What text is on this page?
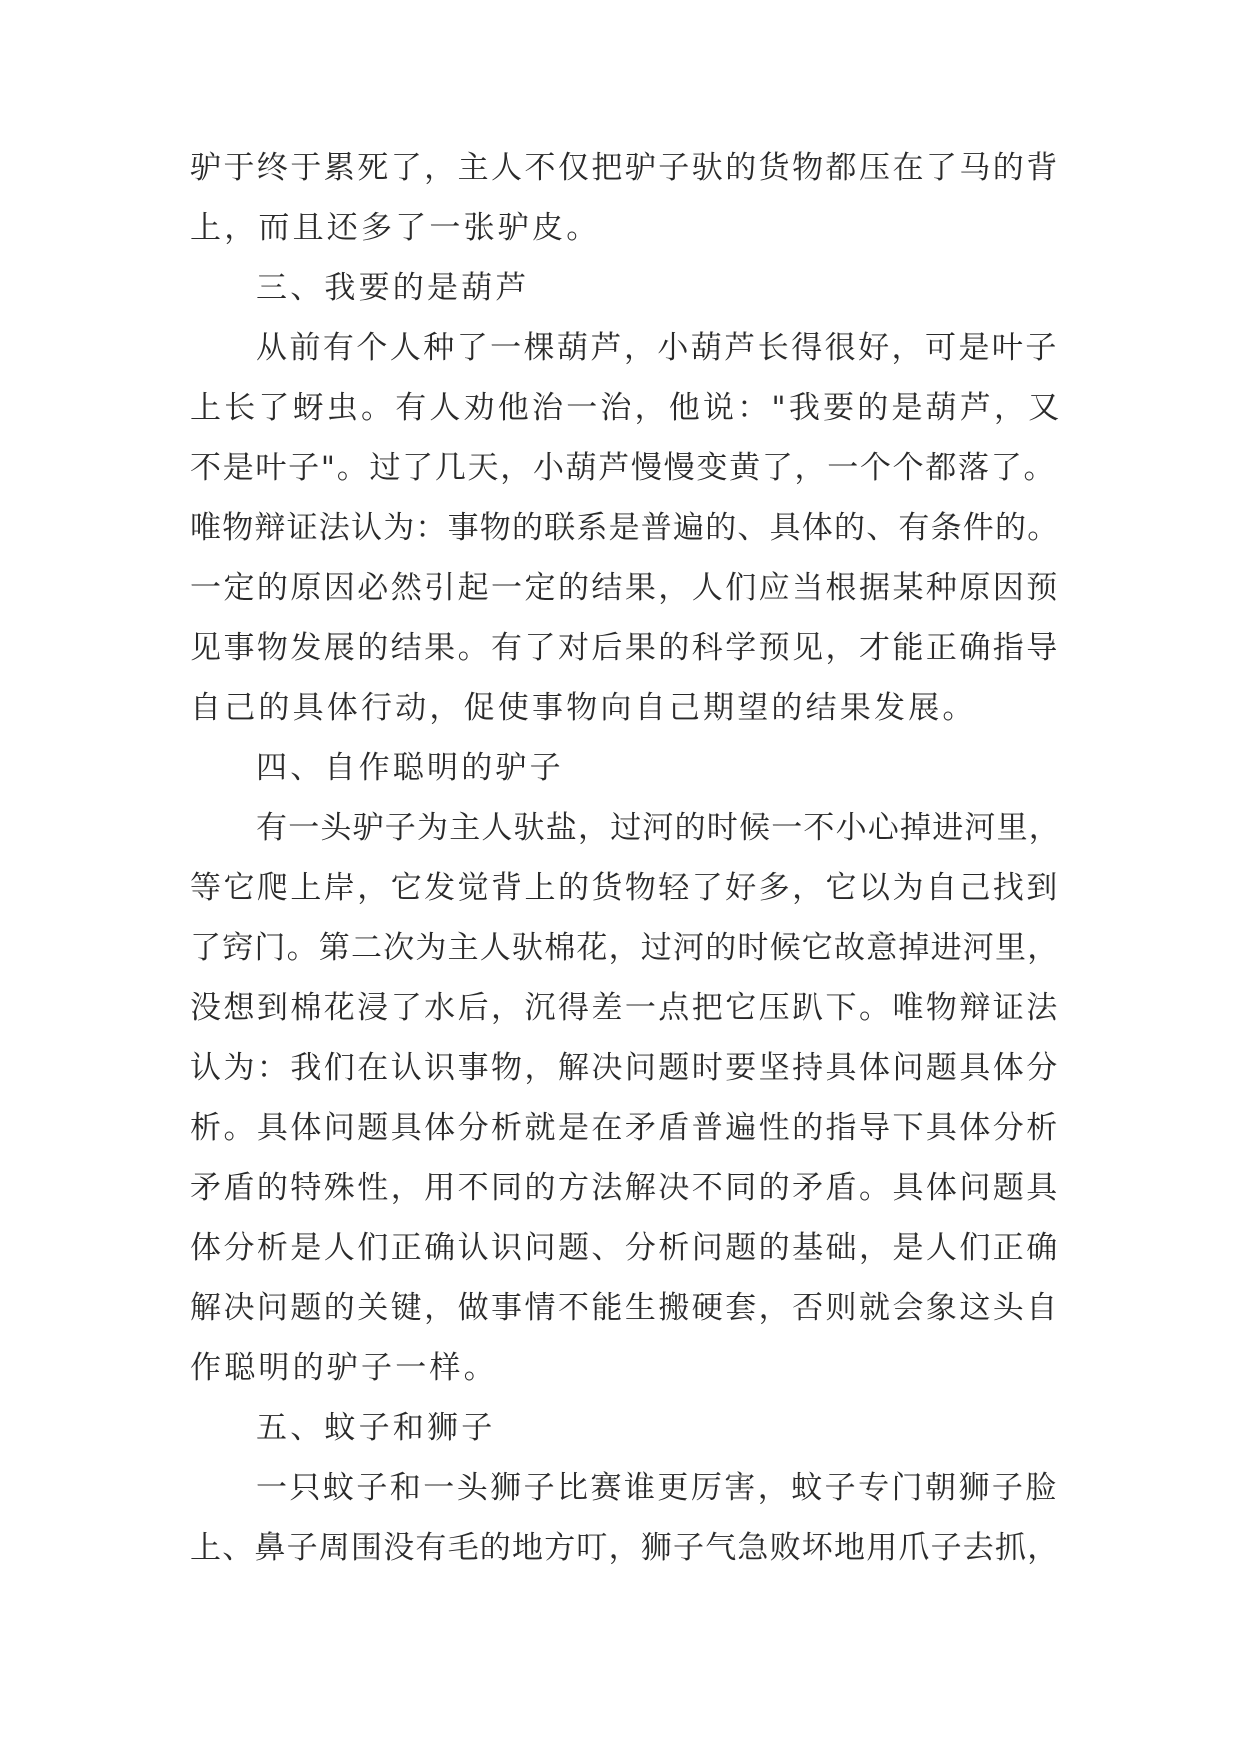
驴于终于累死了，主人不仅把驴子驮的货物都压在了马的背
上，而且还多了一张驴皮。
三、我要的是葫芦
从前有个人种了一棵葫芦，小葫芦长得很好，可是叶子
上长了蚜虫。有人劝他治一治，他说："我要的是葫芦，又
不是叶子"。过了几天，小葫芦慢慢变黄了，一个个都落了。
唯物辩证法认为：事物的联系是普遍的、具体的、有条件的。
一定的原因必然引起一定的结果，人们应当根据某种原因预
见事物发展的结果。有了对后果的科学预见，才能正确指导
自己的具体行动，促使事物向自己期望的结果发展。
四、自作聪明的驴子
有一头驴子为主人驮盐，过河的时候一不小心掉进河里，
等它爬上岸，它发觉背上的货物轻了好多，它以为自己找到
了窍门。第二次为主人驮棉花，过河的时候它故意掉进河里，
没想到棉花浸了水后，沉得差一点把它压趴下。唯物辩证法
认为：我们在认识事物，解决问题时要坚持具体问题具体分
析。具体问题具体分析就是在矛盾普遍性的指导下具体分析
矛盾的特殊性，用不同的方法解决不同的矛盾。具体问题具
体分析是人们正确认识问题、分析问题的基础，是人们正确
解决问题的关键，做事情不能生搬硬套，否则就会象这头自
作聪明的驴子一样。
五、蚊子和狮子
一只蚊子和一头狮子比赛谁更厉害，蚊子专门朝狮子脸
上、鼻子周围没有毛的地方叮，狮子气急败坏地用爪子去抓，
